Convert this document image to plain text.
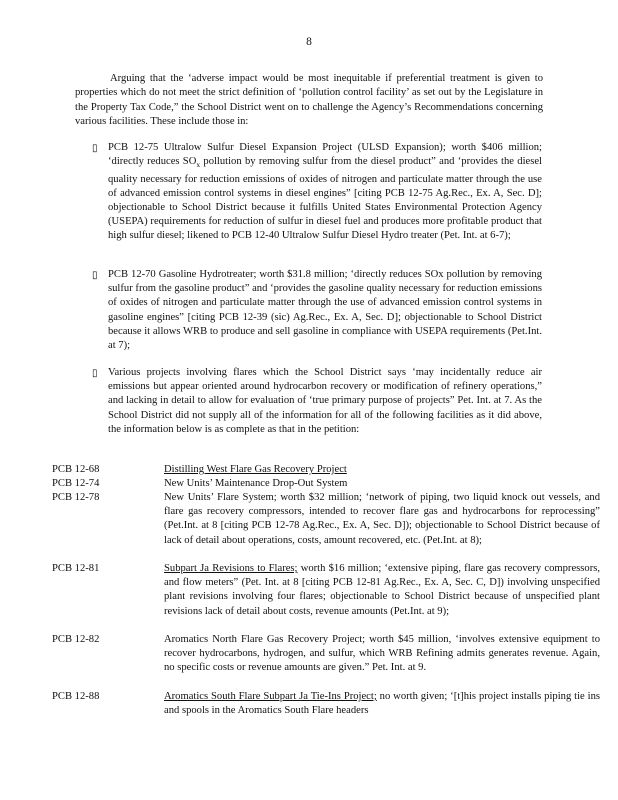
8

Arguing that the ‘adverse impact would be most inequitable if preferential treatment is given to properties which do not meet the strict definition of ‘pollution control facility’ as set out by the Legislature in the Property Tax Code,” the School District went on to challenge the Agency’s Recommendations concerning various facilities. These include those in:

▯ PCB 12-75 Ultralow Sulfur Diesel Expansion Project (ULSD Expansion); worth $406 million; ‘directly reduces $SO_x$ pollution by removing sulfur from the diesel product” and ‘provides the diesel quality necessary for reduction emissions of oxides of nitrogen and particulate matter through the use of advanced emission control systems in diesel engines” [citing PCB 12-75 Ag.Rec., Ex. A, Sec. D]; objectionable to School District because it fulfills United States Environmental Protection Agency (USEPA) requirements for reduction of sulfur in diesel fuel and produces more profitable product that high sulfur diesel; likened to PCB 12-40 Ultralow Sulfur Diesel Hydro treater (Pet. Int. at 6-7);

▯ PCB 12-70 Gasoline Hydrotreater; worth $31.8 million; ‘directly reduces SOx pollution by removing sulfur from the gasoline product” and ‘provides the gasoline quality necessary for reduction emissions of oxides of nitrogen and particulate matter through the use of advanced emission control systems in gasoline engines” [citing PCB 12-39 (sic) Ag.Rec., Ex. A, Sec. D]; objectionable to School District because it allows WRB to produce and sell gasoline in compliance with USEPA requirements (Pet.Int. at 7);

▯ Various projects involving flares which the School District says ‘may incidentally reduce air emissions but appear oriented around hydrocarbon recovery or modification of refinery operations,” and lacking in detail to allow for evaluation of ‘true primary purpose of projects” Pet. Int. at 7. As the School District did not supply all of the information for all of the following facilities as it did above, the information below is as complete as that in the petition:

PCB 12-68	Distilling West Flare Gas Recovery Project

PCB 12-74	New Units’ Maintenance Drop-Out System

PCB 12-78	New Units’ Flare System; worth $32 million; ‘network of piping, two liquid knock out vessels, and flare gas recovery compressors, intended to recover flare gas and hydrocarbons for reprocessing” (Pet.Int. at 8 [citing PCB 12-78 Ag.Rec., Ex. A, Sec. D]); objectionable to School District because of lack of detail about operations, costs, amount recovered, etc. (Pet.Int. at 8);

PCB 12-81	Subpart Ja Revisions to Flares; worth $16 million; ‘extensive piping, flare gas recovery compressors, and flow meters” (Pet. Int. at 8 [citing PCB 12-81 Ag.Rec., Ex. A, Sec. C, D]) involving unspecified plant revisions involving four flares; objectionable to School District because of unspecified plant revisions lack of detail about costs, revenue amounts (Pet.Int. at 9);

PCB 12-82	Aromatics North Flare Gas Recovery Project; worth $45 million, ‘involves extensive equipment to recover hydrocarbons, hydrogen, and sulfur, which WRB Refining admits generates revenue. Again, no specific costs or revenue amounts are given.” Pet. Int. at 9.

PCB 12-88	Aromatics South Flare Subpart Ja Tie-Ins Project; no worth given; ‘[t]his project installs piping tie ins and spools in the Aromatics South Flare headers
